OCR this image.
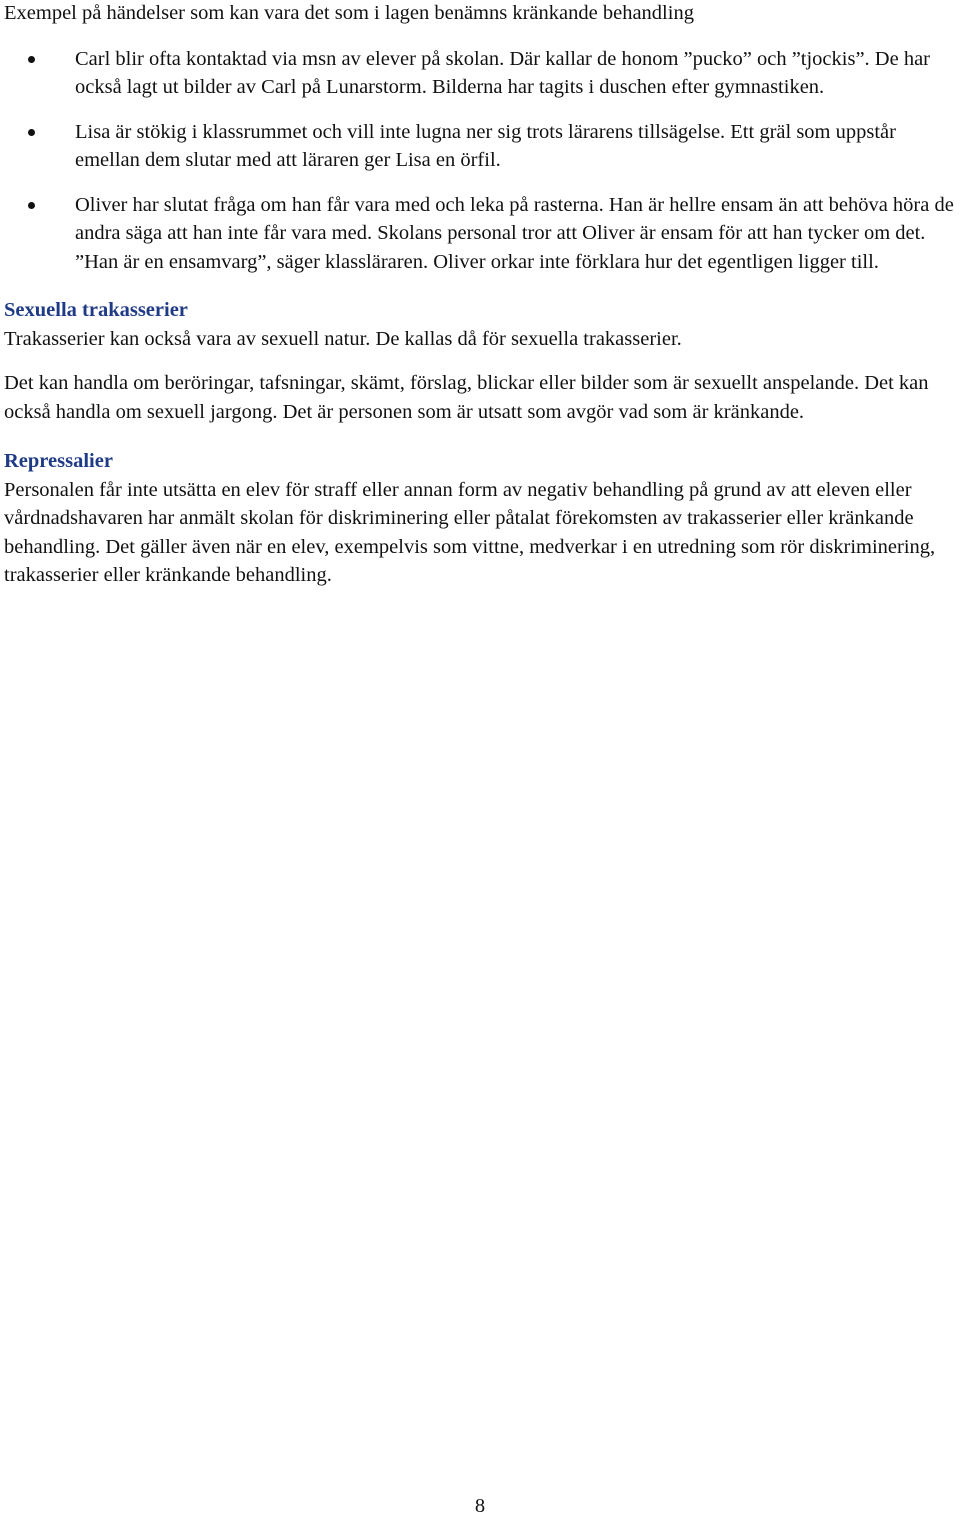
Exempel på händelser som kan vara det som i lagen benämns kränkande behandling

Carl blir ofta kontaktad via msn av elever på skolan. Där kallar de honom ”pucko” och ”tjockis”. De har också lagt ut bilder av Carl på Lunarstorm. Bilderna har tagits i duschen efter gymnastiken.
Lisa är stökig i klassrummet och vill inte lugna ner sig trots lärarens tillsägelse. Ett gräl som uppstår emellan dem slutar med att läraren ger Lisa en örfil.
Oliver har slutat fråga om han får vara med och leka på rasterna. Han är hellre ensam än att behöva höra de andra säga att han inte får vara med. Skolans personal tror att Oliver är ensam för att han tycker om det. ”Han är en ensamvarg”, säger klassläraren. Oliver orkar inte förklara hur det egentligen ligger till.
Sexuella trakasserier

Trakasserier kan också vara av sexuell natur. De kallas då för sexuella trakasserier.

Det kan handla om beröringar, tafsningar, skämt, förslag, blickar eller bilder som är sexuellt anspelande. Det kan också handla om sexuell jargong. Det är personen som är utsatt som avgör vad som är kränkande.

Repressalier

Personalen får inte utsätta en elev för straff eller annan form av negativ behandling på grund av att eleven eller vårdnadshavaren har anmält skolan för diskriminering eller påtalat förekomsten av trakasserier eller kränkande behandling. Det gäller även när en elev, exempelvis som vittne, medverkar i en utredning som rör diskriminering, trakasserier eller kränkande behandling.

8
